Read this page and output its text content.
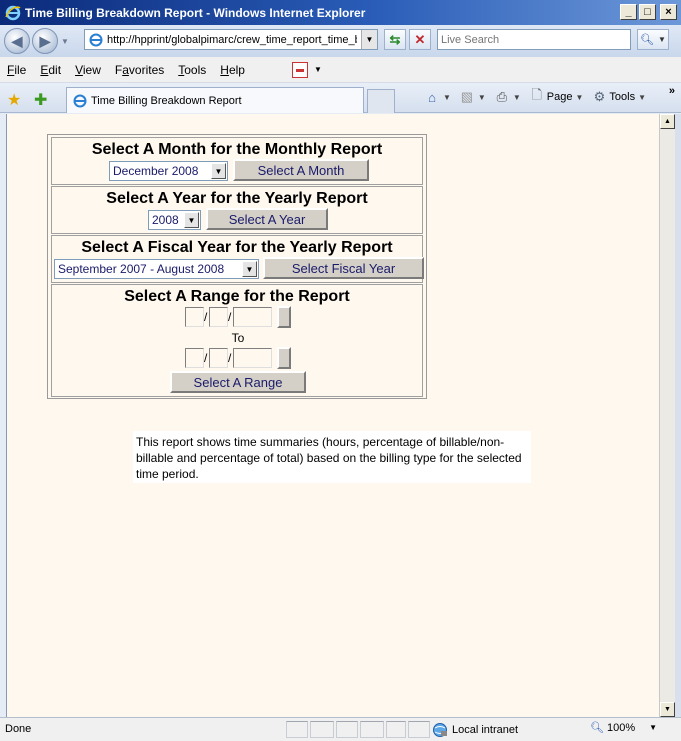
Time Billing Breakdown Report - Windows Internet Explorer	_	□	×
◀ ▶ ▼
http://hpprint/globalpimarc/crew_time_report_time_b	▼ ⇆ ✕
Live Search	🔍︎ ▼
File	Edit	View	Favorites	Tools	Help	▼
★ ✚	Time Billing Breakdown Report	⌂ ▼ ▧ ▼ ⎙ ▼ 🗋︎ Page ▼ ⚙ Tools ▼ »
Select A Month for the Monthly Report
December 2008	▼	Select A Month
Select A Year for the Yearly Report
2008	▼	Select A Year
Select A Fiscal Year for the Yearly Report
September 2007 - August 2008	▼	Select Fiscal Year
Select A Range for the Report
/ /
To
/ /
Select A Range
This report shows time summaries (hours, percentage of billable/non-billable and percentage of total) based on the billing type for the selected time period.
▲
▼
Done	Local intranet	🔍︎ 100% ▼
